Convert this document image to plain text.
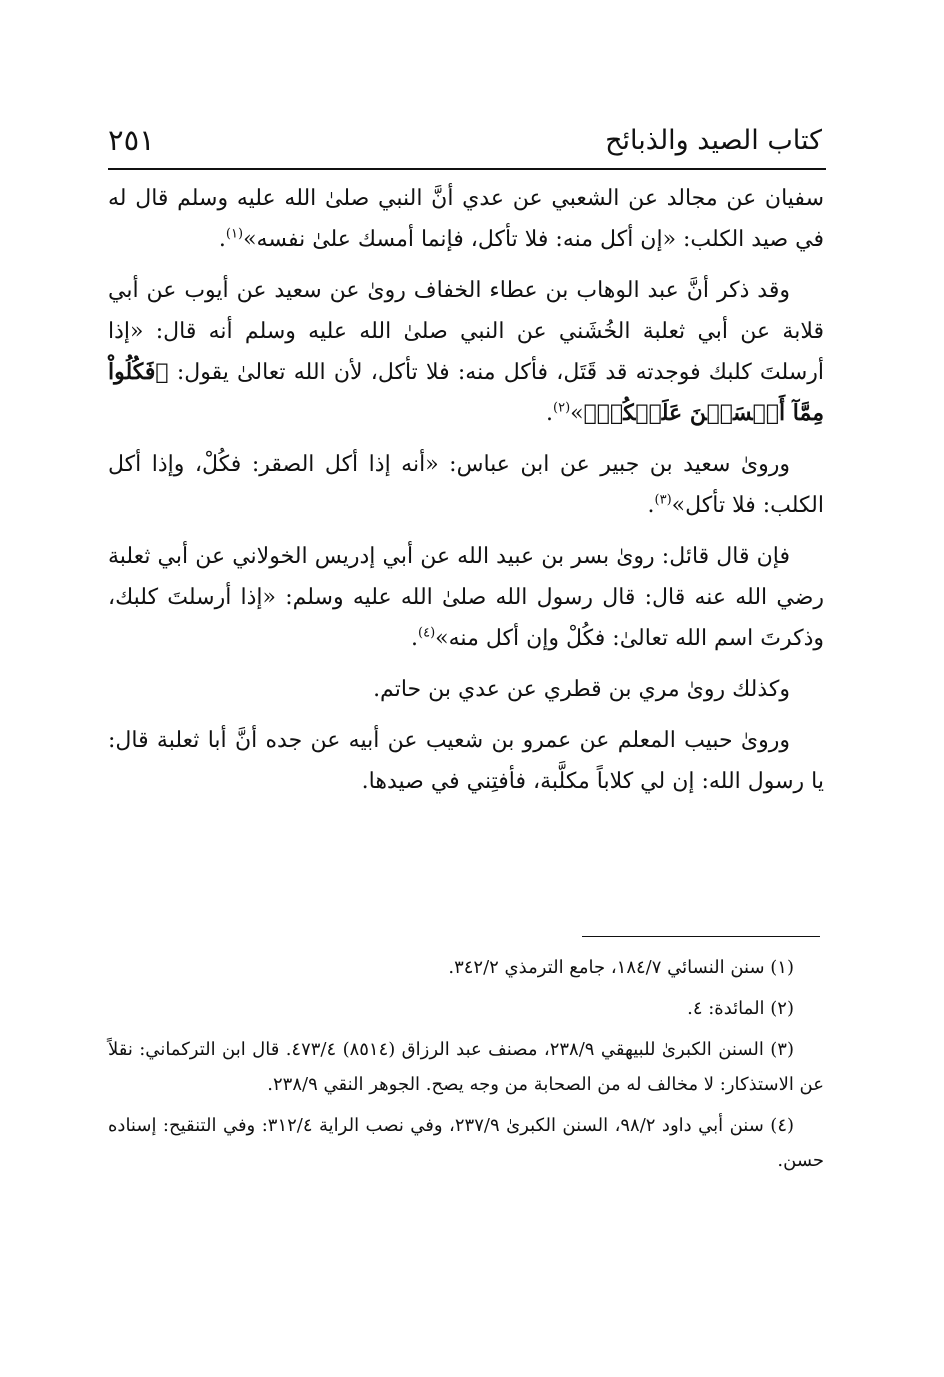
كتاب الصيد والذبائح
٢٥١

سفيان عن مجالد عن الشعبي عن عدي أنَّ النبي صلىٰ الله عليه وسلم قال له في صيد الكلب: «إن أكل منه: فلا تأكل، فإنما أمسك علىٰ نفسه»$^{(١)}$.

وقد ذكر أنَّ عبد الوهاب بن عطاء الخفاف روىٰ عن سعيد عن أيوب عن أبي قلابة عن أبي ثعلبة الخُشَني عن النبي صلىٰ الله عليه وسلم أنه قال: «إذا أرسلتَ كلبك فوجدته قد قَتَل، فأكل منه: فلا تأكل، لأن الله تعالىٰ يقول: ﴿فَكُلُواْ مِمَّآ أَمۡسَكۡنَ عَلَيۡكُمۡ﴾»$^{(٢)}$.

وروىٰ سعيد بن جبير عن ابن عباس: «أنه إذا أكل الصقر: فكُلْ، وإذا أكل الكلب: فلا تأكل»$^{(٣)}$.

فإن قال قائل: روىٰ بسر بن عبيد الله عن أبي إدريس الخولاني عن أبي ثعلبة رضي الله عنه قال: قال رسول الله صلىٰ الله عليه وسلم: «إذا أرسلتَ كلبك، وذكرتَ اسم الله تعالىٰ: فكُلْ وإن أكل منه»$^{(٤)}$.

وكذلك روىٰ مري بن قطري عن عدي بن حاتم.

وروىٰ حبيب المعلم عن عمرو بن شعيب عن أبيه عن جده أنَّ أبا ثعلبة قال: يا رسول الله: إن لي كلاباً مكلَّبة، فأفتِني في صيدها.

(١) سنن النسائي ١٨٤/٧، جامع الترمذي ٣٤٢/٢.

(٢) المائدة: ٤.

(٣) السنن الكبرىٰ للبيهقي ٢٣٨/٩، مصنف عبد الرزاق (٨٥١٤) ٤٧٣/٤. قال ابن التركماني: نقلاً عن الاستذكار: لا مخالف له من الصحابة من وجه يصح. الجوهر النقي ٢٣٨/٩.

(٤) سنن أبي داود ٩٨/٢، السنن الكبرىٰ ٢٣٧/٩، وفي نصب الراية ٣١٢/٤: وفي التنقيح: إسناده حسن.
